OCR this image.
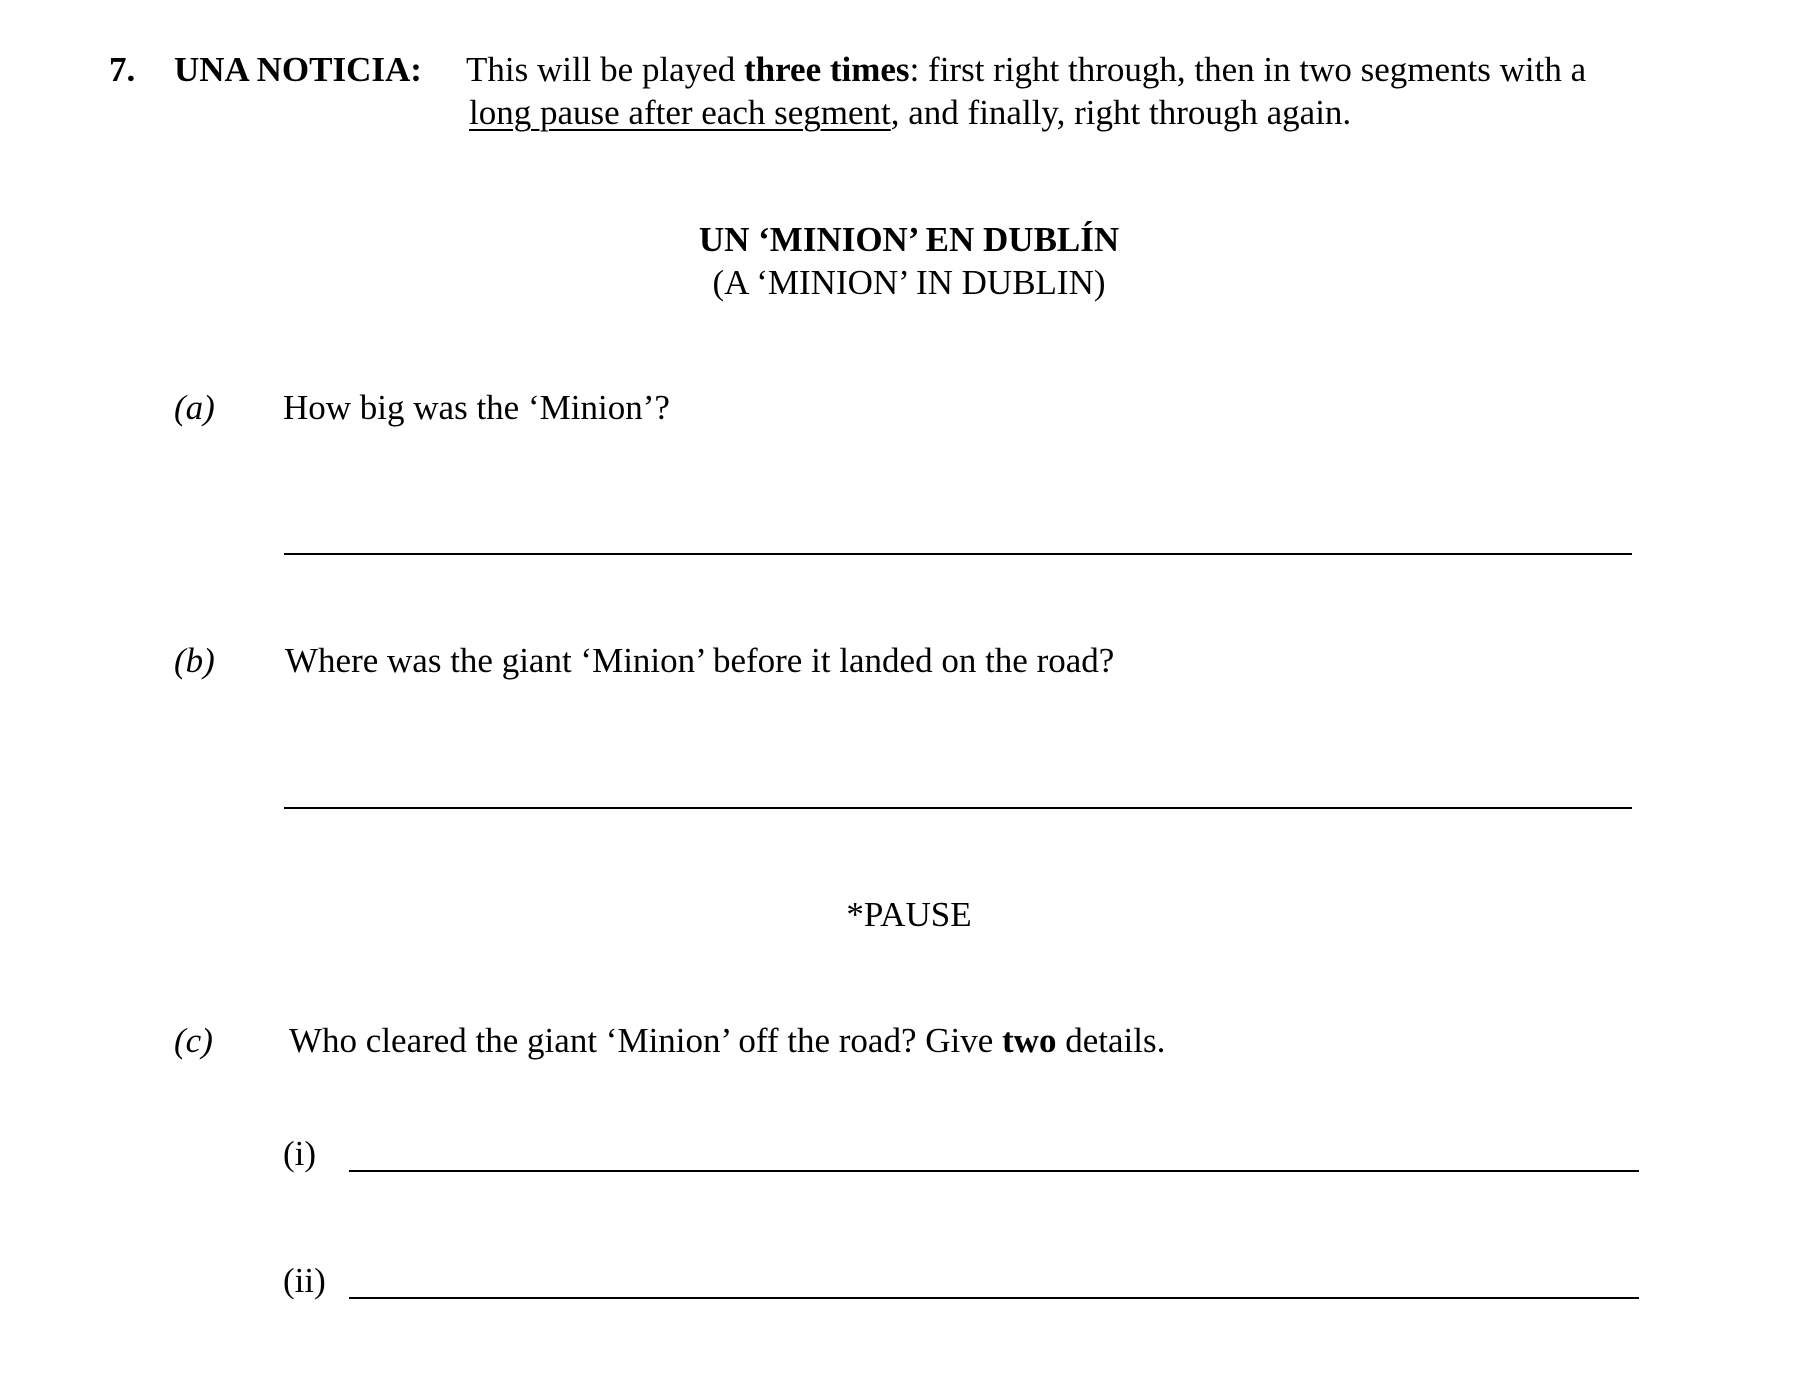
7. UNA NOTICIA: This will be played three times: first right through, then in two segments with a
long pause after each segment, and finally, right through again.
UN ‘MINION’ EN DUBLÍN
(A ‘MINION’ IN DUBLIN)
(a) How big was the ‘Minion’?
(b) Where was the giant ‘Minion’ before it landed on the road?
*PAUSE
(c) Who cleared the giant ‘Minion’ off the road? Give two details.
(i)
(ii)
